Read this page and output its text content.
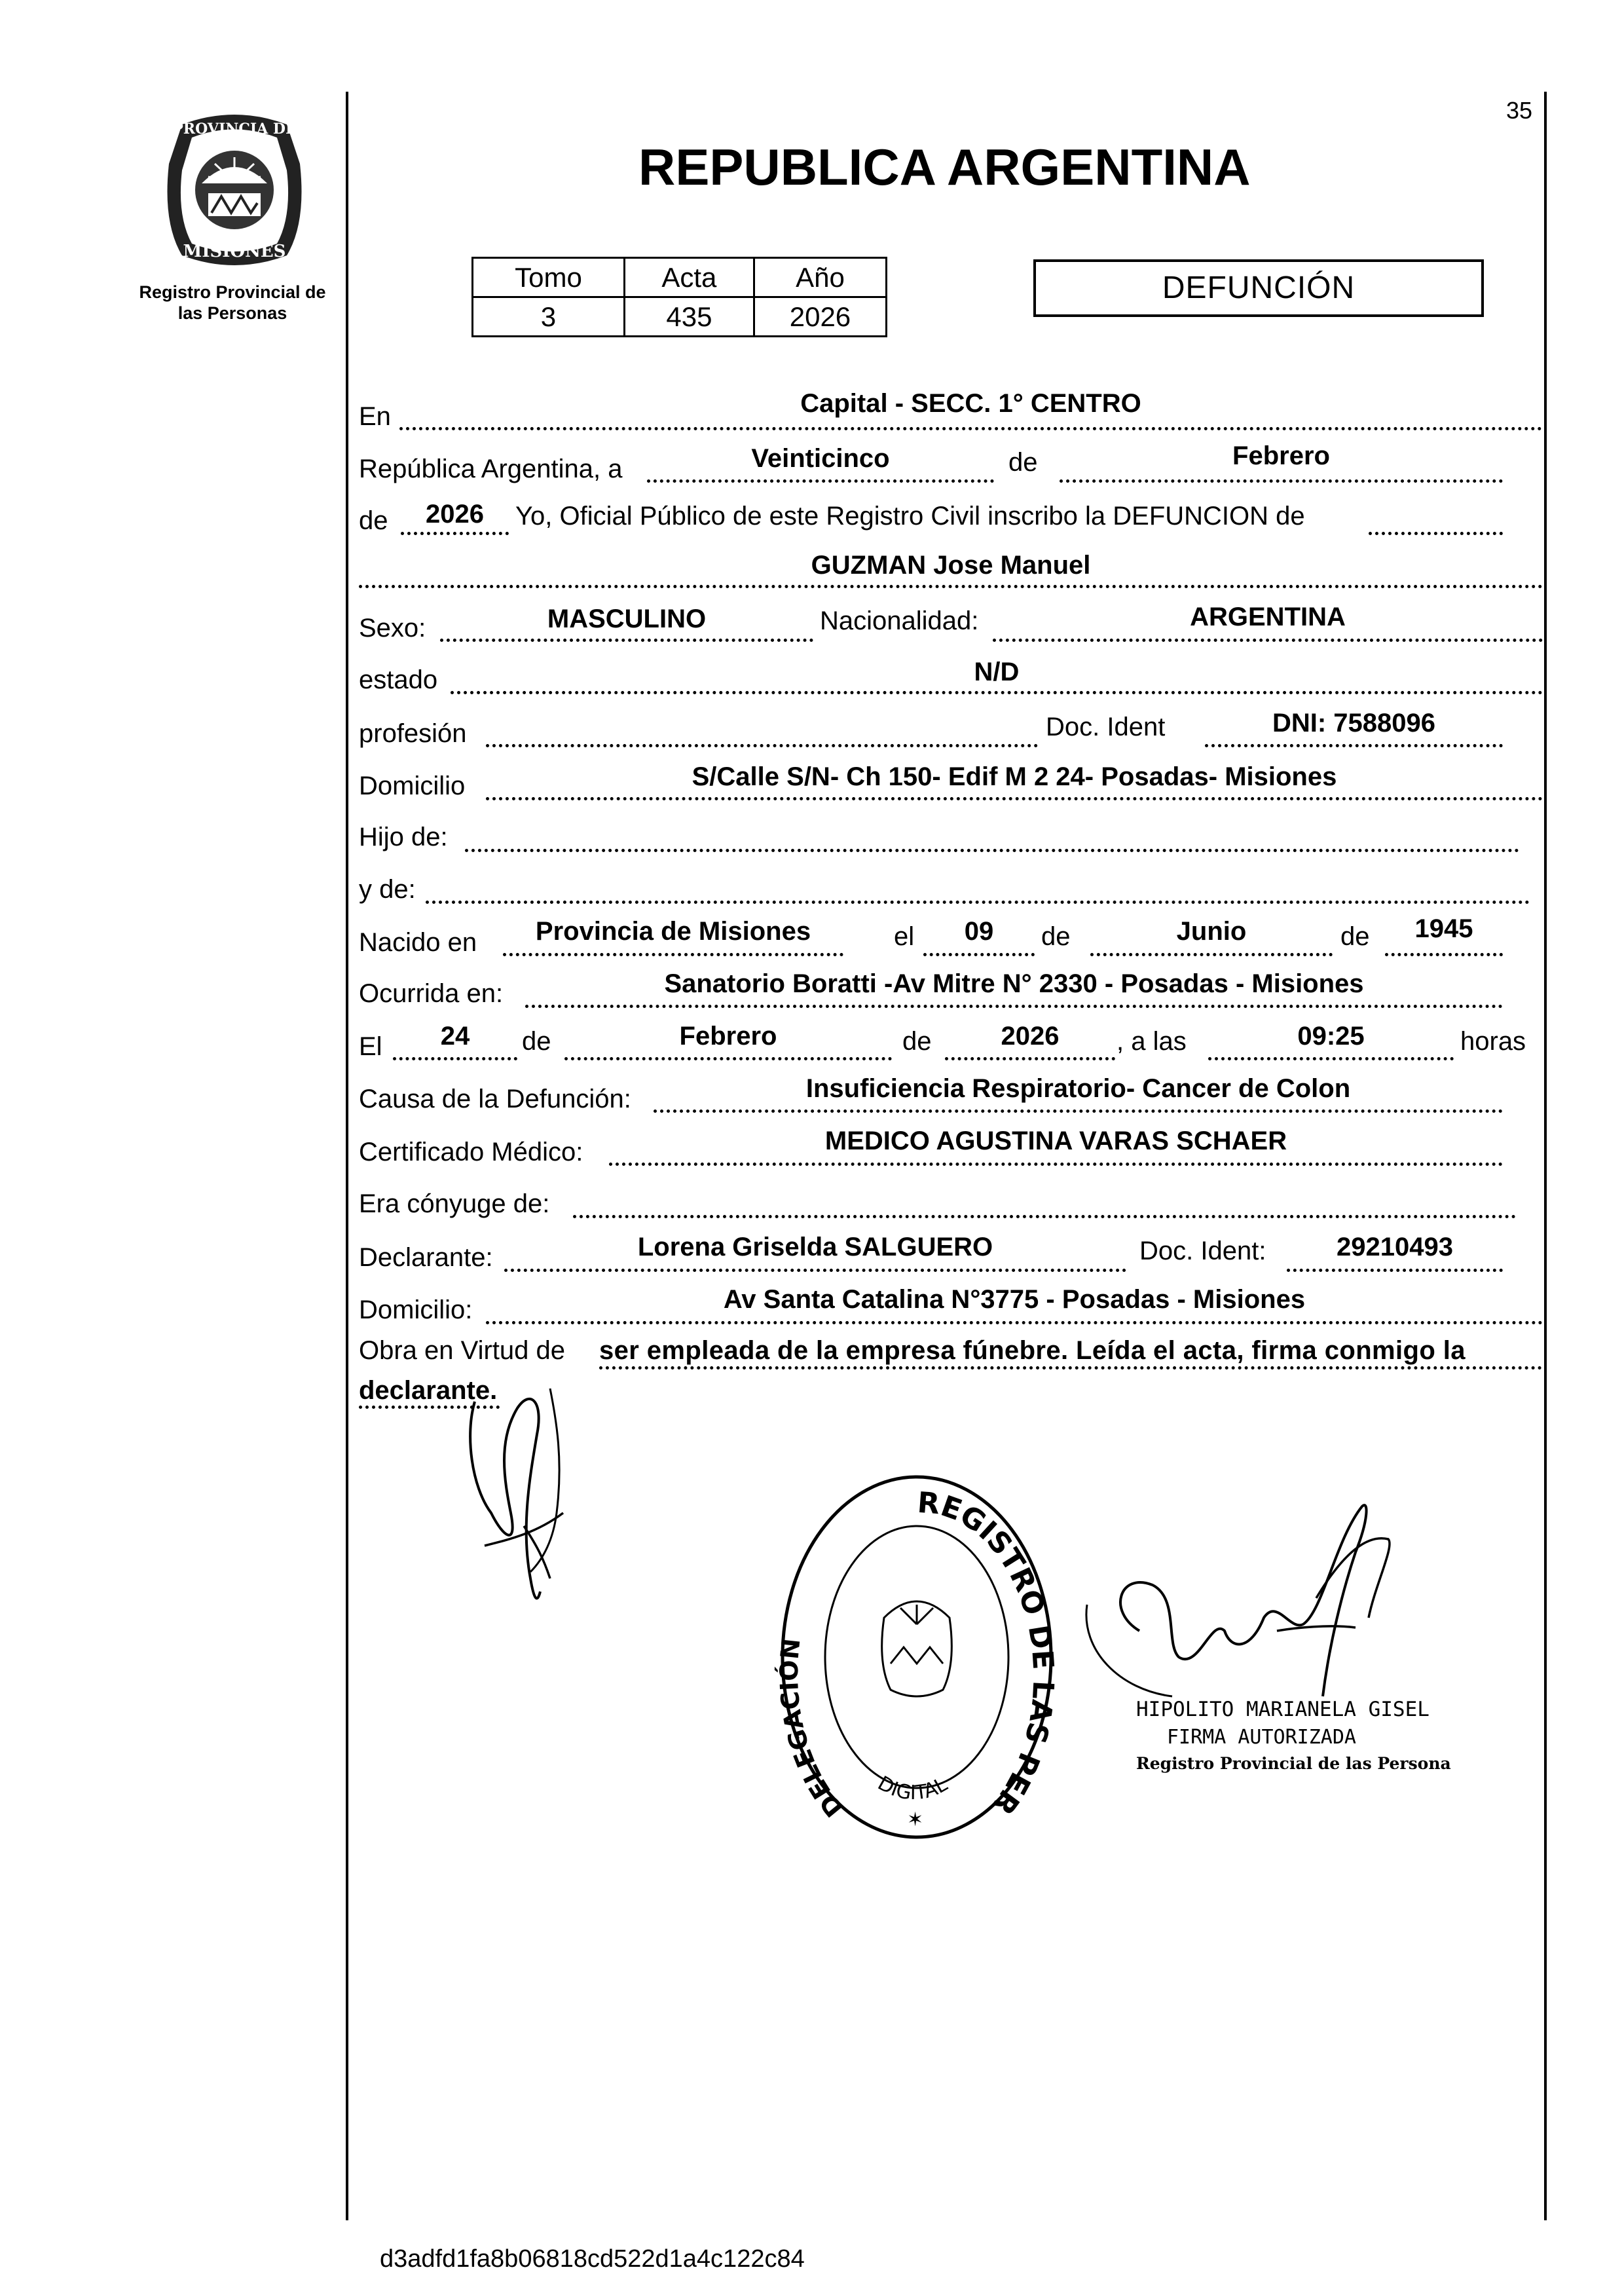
35
PROVINCIA DE
MISIONES
Registro Provincial de
las Personas
REPUBLICA ARGENTINA
Tomo	Acta	Año
3	435	2026
DEFUNCIÓN
En	Capital - SECC. 1° CENTRO
República Argentina, a	Veinticinco	de	Febrero
de	2026	Yo, Oficial Público de este Registro Civil inscribo la DEFUNCION de
GUZMAN Jose Manuel
Sexo:	MASCULINO	Nacionalidad:	ARGENTINA
estado	N/D
profesión	Doc. Ident	DNI: 7588096
Domicilio	S/Calle S/N- Ch 150- Edif M 2 24- Posadas- Misiones
Hijo de:
y de:
Nacido en	Provincia de Misiones	el	09	de	Junio	de	1945
Ocurrida en:	Sanatorio Boratti -Av Mitre N° 2330 - Posadas - Misiones
El	24	de	Febrero	de	2026	, a las	09:25	horas
Causa de la Defunción:	Insuficiencia Respiratorio- Cancer de Colon
Certificado Médico:	MEDICO AGUSTINA VARAS SCHAER
Era cónyuge de:
Declarante:	Lorena Griselda SALGUERO	Doc. Ident:	29210493
Domicilio:	Av Santa Catalina N°3775 - Posadas - Misiones
Obra en Virtud de ser empleada de la empresa fúnebre. Leída el acta, firma conmigo la
declarante.
REGISTRO DE LAS PER
DELEGACIÓN
DIGITAL
✶
HIPOLITO MARIANELA GISEL
FIRMA AUTORIZADA
Registro Provincial de las Persona
d3adfd1fa8b06818cd522d1a4c122c84
